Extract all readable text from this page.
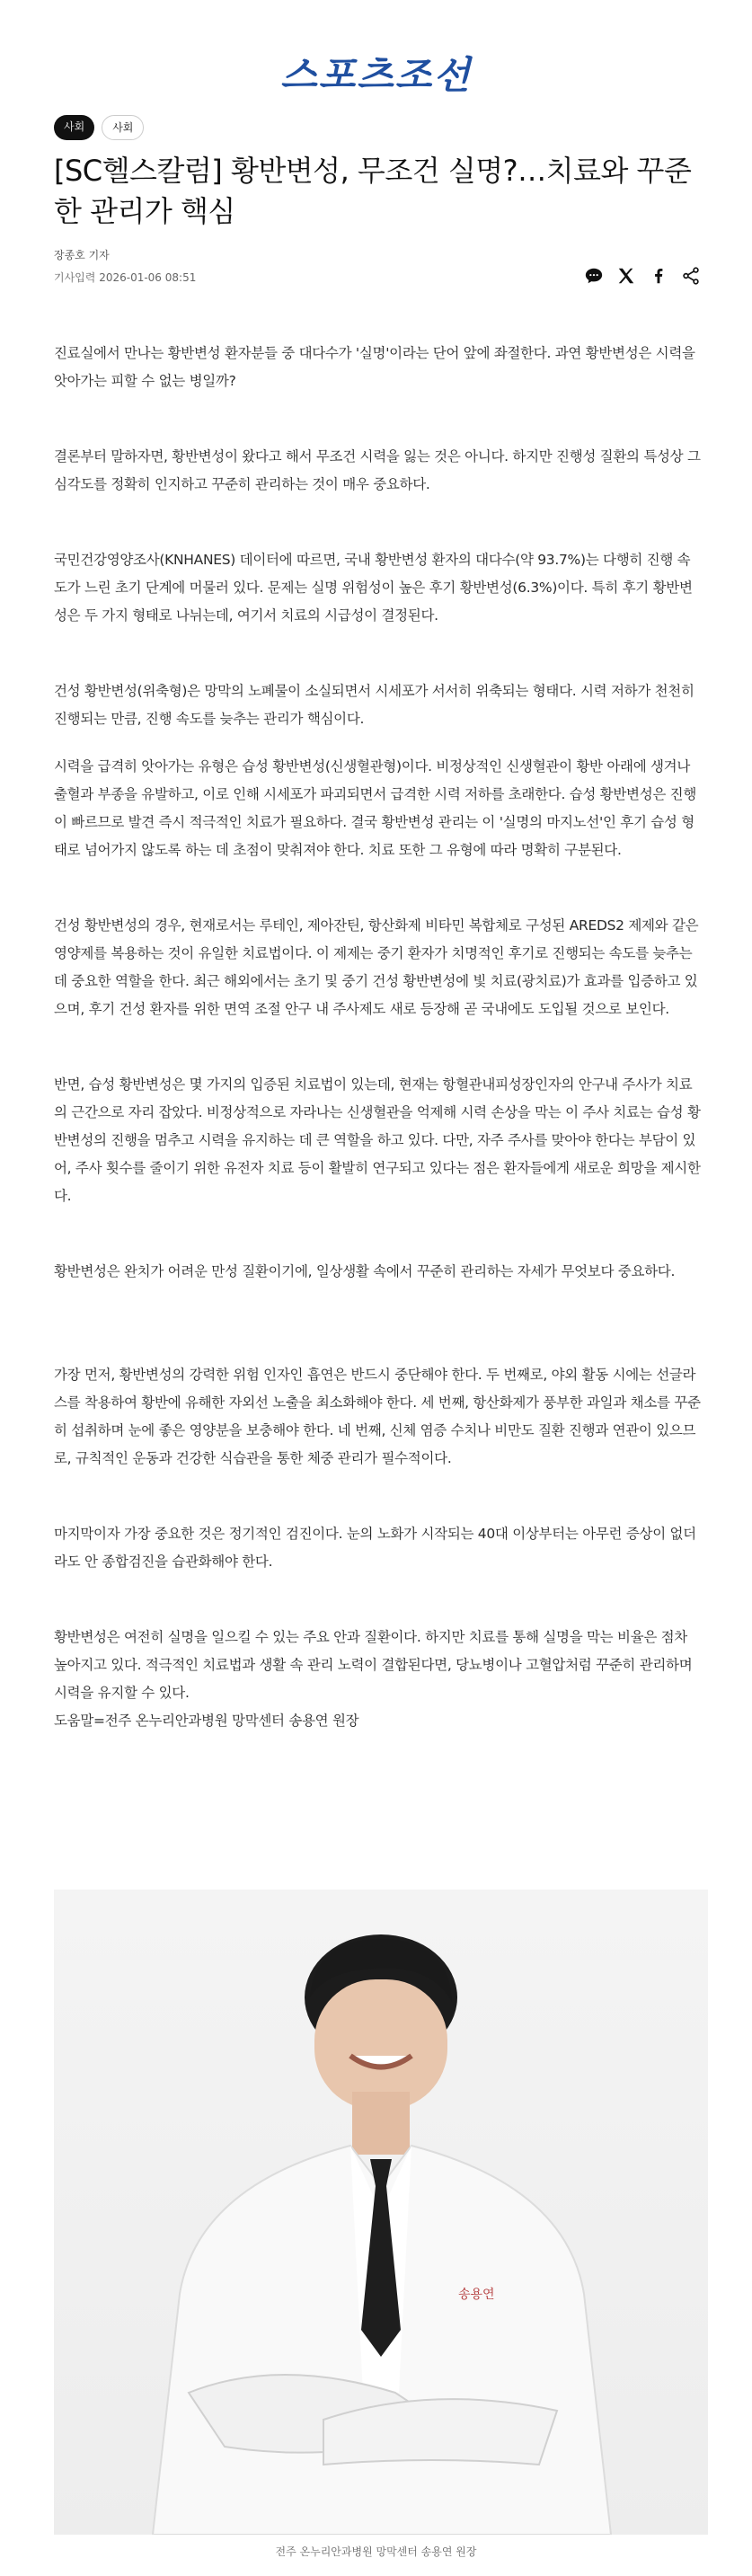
스포츠조선
사회	사회
[SC헬스칼럼] 황반변성, 무조건 실명?…치료와 꾸준한 관리가 핵심
장종호 기자
기사입력 2026-01-06 08:51

진료실에서 만나는 황반변성 환자분들 중 대다수가 '실명'이라는 단어 앞에 좌절한다. 과연 황반변성은 시력을 앗아가는 피할 수 없는 병일까?

결론부터 말하자면, 황반변성이 왔다고 해서 무조건 시력을 잃는 것은 아니다. 하지만 진행성 질환의 특성상 그 심각도를 정확히 인지하고 꾸준히 관리하는 것이 매우 중요하다.

국민건강영양조사(KNHANES) 데이터에 따르면, 국내 황반변성 환자의 대다수(약 93.7%)는 다행히 진행 속도가 느린 초기 단계에 머물러 있다. 문제는 실명 위험성이 높은 후기 황반변성(6.3%)이다. 특히 후기 황반변성은 두 가지 형태로 나뉘는데, 여기서 치료의 시급성이 결정된다.

건성 황반변성(위축형)은 망막의 노폐물이 소실되면서 시세포가 서서히 위축되는 형태다. 시력 저하가 천천히 진행되는 만큼, 진행 속도를 늦추는 관리가 핵심이다.

시력을 급격히 앗아가는 유형은 습성 황반변성(신생혈관형)이다. 비정상적인 신생혈관이 황반 아래에 생겨나 출혈과 부종을 유발하고, 이로 인해 시세포가 파괴되면서 급격한 시력 저하를 초래한다. 습성 황반변성은 진행이 빠르므로 발견 즉시 적극적인 치료가 필요하다. 결국 황반변성 관리는 이 '실명의 마지노선'인 후기 습성 형태로 넘어가지 않도록 하는 데 초점이 맞춰져야 한다. 치료 또한 그 유형에 따라 명확히 구분된다.

건성 황반변성의 경우, 현재로서는 루테인, 제아잔틴, 항산화제 비타민 복합체로 구성된 AREDS2 제제와 같은 영양제를 복용하는 것이 유일한 치료법이다. 이 제제는 중기 환자가 치명적인 후기로 진행되는 속도를 늦추는 데 중요한 역할을 한다. 최근 해외에서는 초기 및 중기 건성 황반변성에 빛 치료(광치료)가 효과를 입증하고 있으며, 후기 건성 환자를 위한 면역 조절 안구 내 주사제도 새로 등장해 곧 국내에도 도입될 것으로 보인다.

반면, 습성 황반변성은 몇 가지의 입증된 치료법이 있는데, 현재는 항혈관내피성장인자의 안구내 주사가 치료의 근간으로 자리 잡았다. 비정상적으로 자라나는 신생혈관을 억제해 시력 손상을 막는 이 주사 치료는 습성 황반변성의 진행을 멈추고 시력을 유지하는 데 큰 역할을 하고 있다. 다만, 자주 주사를 맞아야 한다는 부담이 있어, 주사 횟수를 줄이기 위한 유전자 치료 등이 활발히 연구되고 있다는 점은 환자들에게 새로운 희망을 제시한다.

황반변성은 완치가 어려운 만성 질환이기에, 일상생활 속에서 꾸준히 관리하는 자세가 무엇보다 중요하다.

가장 먼저, 황반변성의 강력한 위험 인자인 흡연은 반드시 중단해야 한다. 두 번째로, 야외 활동 시에는 선글라스를 착용하여 황반에 유해한 자외선 노출을 최소화해야 한다. 세 번째, 항산화제가 풍부한 과일과 채소를 꾸준히 섭취하며 눈에 좋은 영양분을 보충해야 한다. 네 번째, 신체 염증 수치나 비만도 질환 진행과 연관이 있으므로, 규칙적인 운동과 건강한 식습관을 통한 체중 관리가 필수적이다.

마지막이자 가장 중요한 것은 정기적인 검진이다. 눈의 노화가 시작되는 40대 이상부터는 아무런 증상이 없더라도 안 종합검진을 습관화해야 한다.

황반변성은 여전히 실명을 일으킬 수 있는 주요 안과 질환이다. 하지만 치료를 통해 실명을 막는 비율은 점차 높아지고 있다. 적극적인 치료법과 생활 속 관리 노력이 결합된다면, 당뇨병이나 고혈압처럼 꾸준히 관리하며 시력을 유지할 수 있다.

도움말=전주 온누리안과병원 망막센터 송용연 원장

송용연
전주 온누리안과병원 망막센터 송용연 원장
